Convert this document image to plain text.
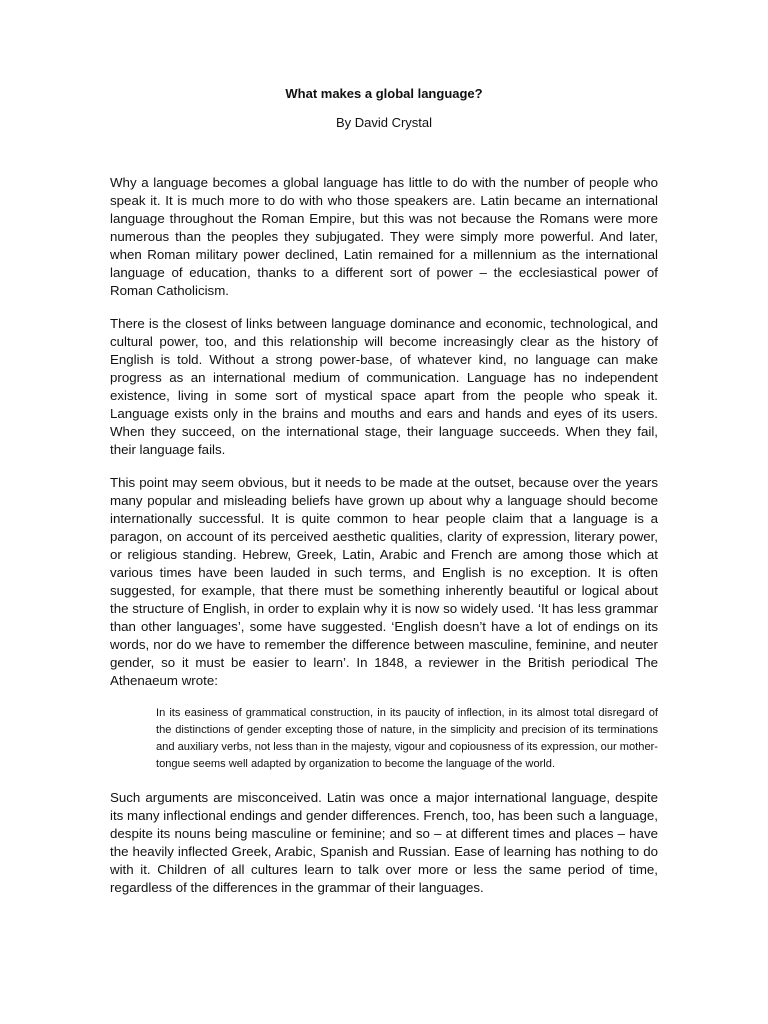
What makes a global language?
By David Crystal

Why a language becomes a global language has little to do with the number of people who speak it. It is much more to do with who those speakers are. Latin became an international language throughout the Roman Empire, but this was not because the Romans were more numerous than the peoples they subjugated. They were simply more powerful. And later, when Roman military power declined, Latin remained for a millennium as the international language of education, thanks to a different sort of power – the ecclesiastical power of Roman Catholicism.

There is the closest of links between language dominance and economic, technological, and cultural power, too, and this relationship will become increasingly clear as the history of English is told. Without a strong power-base, of whatever kind, no language can make progress as an international medium of communication. Language has no independent existence, living in some sort of mystical space apart from the people who speak it. Language exists only in the brains and mouths and ears and hands and eyes of its users. When they succeed, on the international stage, their language succeeds. When they fail, their language fails.

This point may seem obvious, but it needs to be made at the outset, because over the years many popular and misleading beliefs have grown up about why a language should become internationally successful. It is quite common to hear people claim that a language is a paragon, on account of its perceived aesthetic qualities, clarity of expression, literary power, or religious standing. Hebrew, Greek, Latin, Arabic and French are among those which at various times have been lauded in such terms, and English is no exception. It is often suggested, for example, that there must be something inherently beautiful or logical about the structure of English, in order to explain why it is now so widely used. ‘It has less grammar than other languages’, some have suggested. ‘English doesn’t have a lot of endings on its words, nor do we have to remember the difference between masculine, feminine, and neuter gender, so it must be easier to learn’. In 1848, a reviewer in the British periodical The Athenaeum wrote:

In its easiness of grammatical construction, in its paucity of inflection, in its almost total disregard of the distinctions of gender excepting those of nature, in the simplicity and precision of its terminations and auxiliary verbs, not less than in the majesty, vigour and copiousness of its expression, our mother-tongue seems well adapted by organization to become the language of the world.

Such arguments are misconceived. Latin was once a major international language, despite its many inflectional endings and gender differences. French, too, has been such a language, despite its nouns being masculine or feminine; and so – at different times and places – have the heavily inflected Greek, Arabic, Spanish and Russian. Ease of learning has nothing to do with it. Children of all cultures learn to talk over more or less the same period of time, regardless of the differences in the grammar of their languages.
